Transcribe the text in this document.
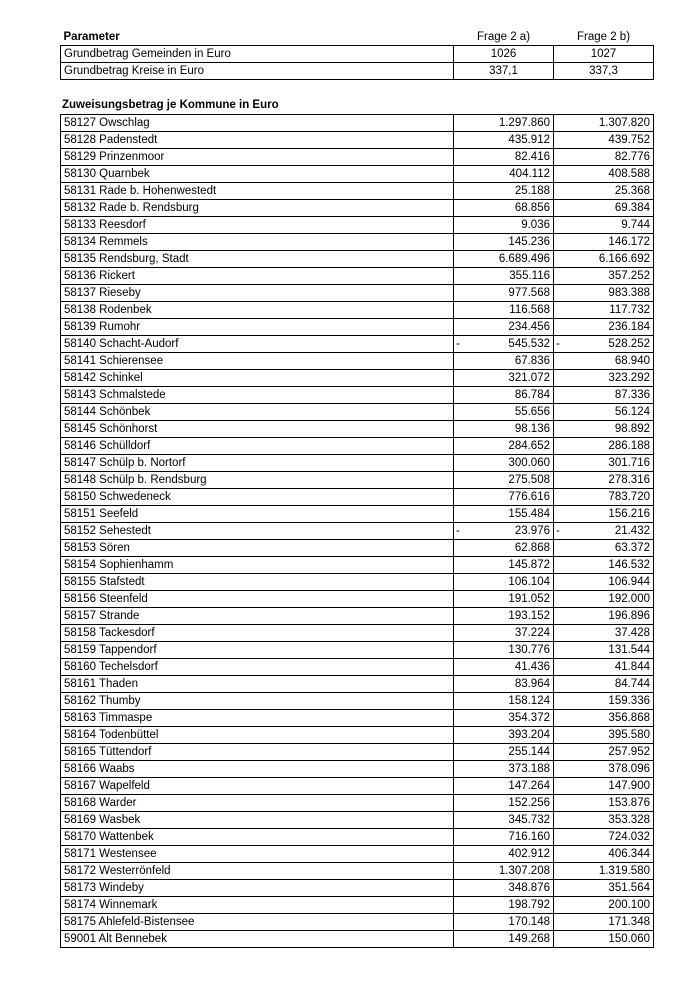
Parameter	Frage 2 a)	Frage 2 b)
Grundbetrag Gemeinden in Euro	1026	1027
Grundbetrag Kreise in Euro	337,1	337,3
Zuweisungsbetrag je Kommune in Euro
58127 Owschlag	1.297.860	1.307.820
58128 Padenstedt	435.912	439.752
58129 Prinzenmoor	82.416	82.776
58130 Quarnbek	404.112	408.588
58131 Rade b. Hohenwestedt	25.188	25.368
58132 Rade b. Rendsburg	68.856	69.384
58133 Reesdorf	9.036	9.744
58134 Remmels	145.236	146.172
58135 Rendsburg, Stadt	6.689.496	6.166.692
58136 Rickert	355.116	357.252
58137 Rieseby	977.568	983.388
58138 Rodenbek	116.568	117.732
58139 Rumohr	234.456	236.184
58140 Schacht-Audorf	- 545.532	- 528.252
58141 Schierensee	67.836	68.940
58142 Schinkel	321.072	323.292
58143 Schmalstede	86.784	87.336
58144 Schönbek	55.656	56.124
58145 Schönhorst	98.136	98.892
58146 Schülldorf	284.652	286.188
58147 Schülp b. Nortorf	300.060	301.716
58148 Schülp b. Rendsburg	275.508	278.316
58150 Schwedeneck	776.616	783.720
58151 Seefeld	155.484	156.216
58152 Sehestedt	- 23.976	- 21.432
58153 Sören	62.868	63.372
58154 Sophienhamm	145.872	146.532
58155 Stafstedt	106.104	106.944
58156 Steenfeld	191.052	192.000
58157 Strande	193.152	196.896
58158 Tackesdorf	37.224	37.428
58159 Tappendorf	130.776	131.544
58160 Techelsdorf	41.436	41.844
58161 Thaden	83.964	84.744
58162 Thumby	158.124	159.336
58163 Timmaspe	354.372	356.868
58164 Todenbüttel	393.204	395.580
58165 Tüttendorf	255.144	257.952
58166 Waabs	373.188	378.096
58167 Wapelfeld	147.264	147.900
58168 Warder	152.256	153.876
58169 Wasbek	345.732	353.328
58170 Wattenbek	716.160	724.032
58171 Westensee	402.912	406.344
58172 Westerrönfeld	1.307.208	1.319.580
58173 Windeby	348.876	351.564
58174 Winnemark	198.792	200.100
58175 Ahlefeld-Bistensee	170.148	171.348
59001 Alt Bennebek	149.268	150.060
